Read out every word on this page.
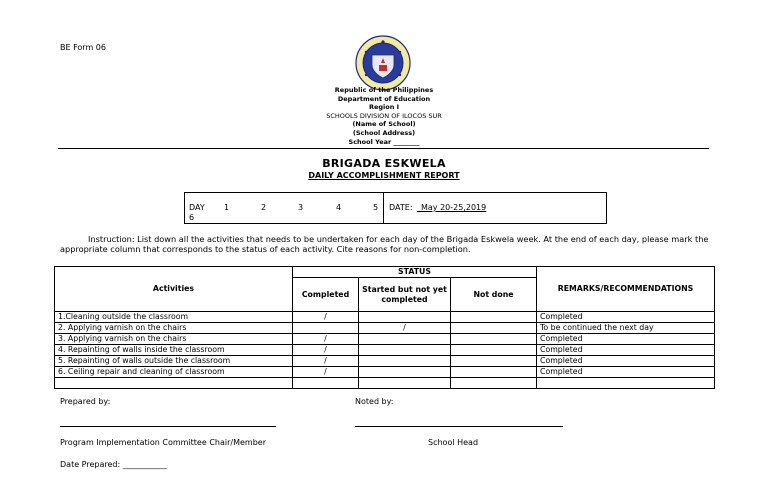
BE Form 06
Republic of the Philippines
Department of Education
Region I
SCHOOLS DIVISION OF ILOCOS SUR
(Name of School)
(School Address)
School Year ________
BRIGADA ESKWELA
DAILY ACCOMPLISHMENT REPORT
DAY 1	2	3	4	5
6
DATE: _May 20-25,2019
Instruction: List down all the activities that needs to be undertaken for each day of the Brigada Eskwela week. At the end of each day, please mark the appropriate column that corresponds to the status of each activity. Cite reasons for non-completion.
Activities	STATUS			REMARKS/RECOMMENDATIONS
	Completed	Started but not yet completed	Not done	
1.Cleaning outside the classroom	/			Completed
2. Applying varnish on the chairs		/		To be continued the next day
3. Applying varnish on the chairs	/			Completed
4. Repainting of walls inside the classroom	/			Completed
5. Repainting of walls outside the classroom	/			Completed
6. Ceiling repair and cleaning of classroom	/			Completed

Prepared by:	Noted by:
Program Implementation Committee Chair/Member	School Head
Date Prepared: ___________
